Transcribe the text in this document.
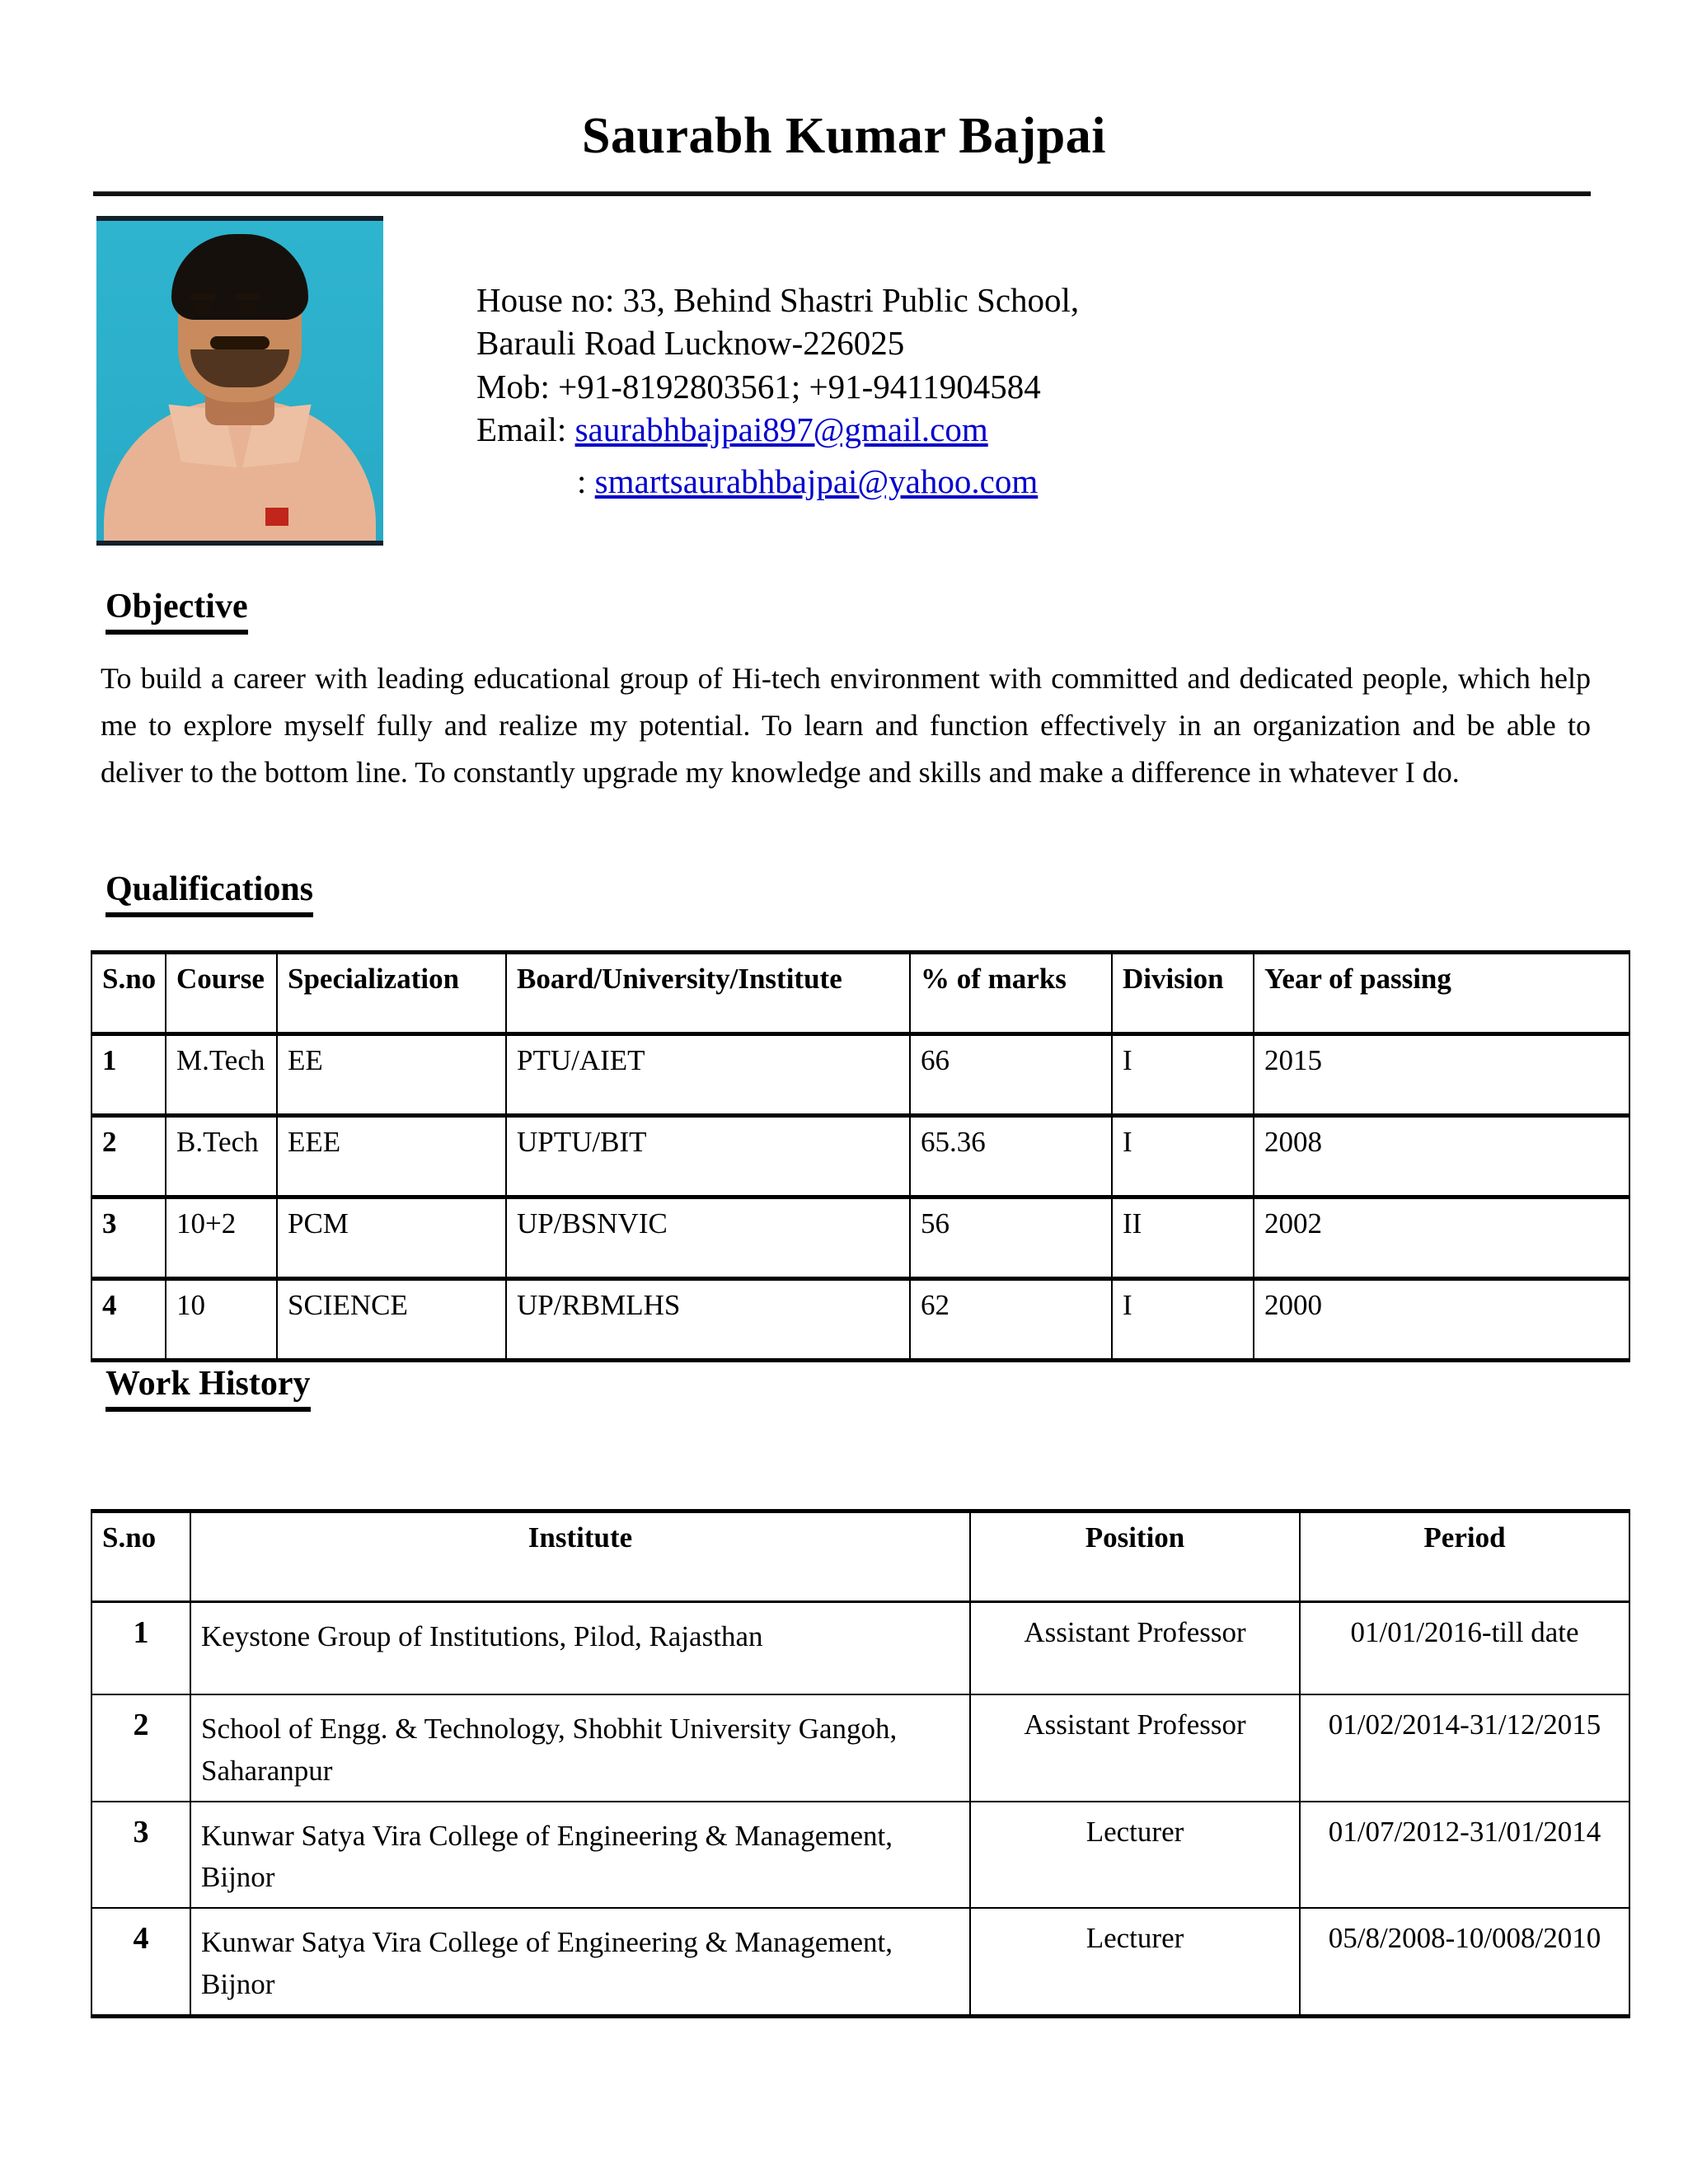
Saurabh Kumar Bajpai
House no: 33, Behind Shastri Public School,
Barauli Road Lucknow-226025
Mob: +91-8192803561; +91-9411904584
Email: saurabhbajpai897@gmail.com
: smartsaurabhbajpai@yahoo.com
Objective
To build a career with leading educational group of Hi-tech environment with committed and dedicated people, which help me to explore myself fully and realize my potential. To learn and function effectively in an organization and be able to deliver to the bottom line. To constantly upgrade my knowledge and skills and make a difference in whatever I do.
Qualifications
S.no	Course	Specialization	Board/University/Institute	% of marks	Division	Year of passing
1	M.Tech	EE	PTU/AIET	66	I	2015
2	B.Tech	EEE	UPTU/BIT	65.36	I	2008
3	10+2	PCM	UP/BSNVIC	56	II	2002
4	10	SCIENCE	UP/RBMLHS	62	I	2000
Work History
S.no	Institute	Position	Period
1	Keystone Group of Institutions, Pilod, Rajasthan	Assistant Professor	01/01/2016-till date
2	School of Engg. & Technology, Shobhit University Gangoh, Saharanpur	Assistant Professor	01/02/2014-31/12/2015
3	Kunwar Satya Vira College of Engineering & Management, Bijnor	Lecturer	01/07/2012-31/01/2014
4	Kunwar Satya Vira College of Engineering & Management, Bijnor	Lecturer	05/8/2008-10/008/2010
